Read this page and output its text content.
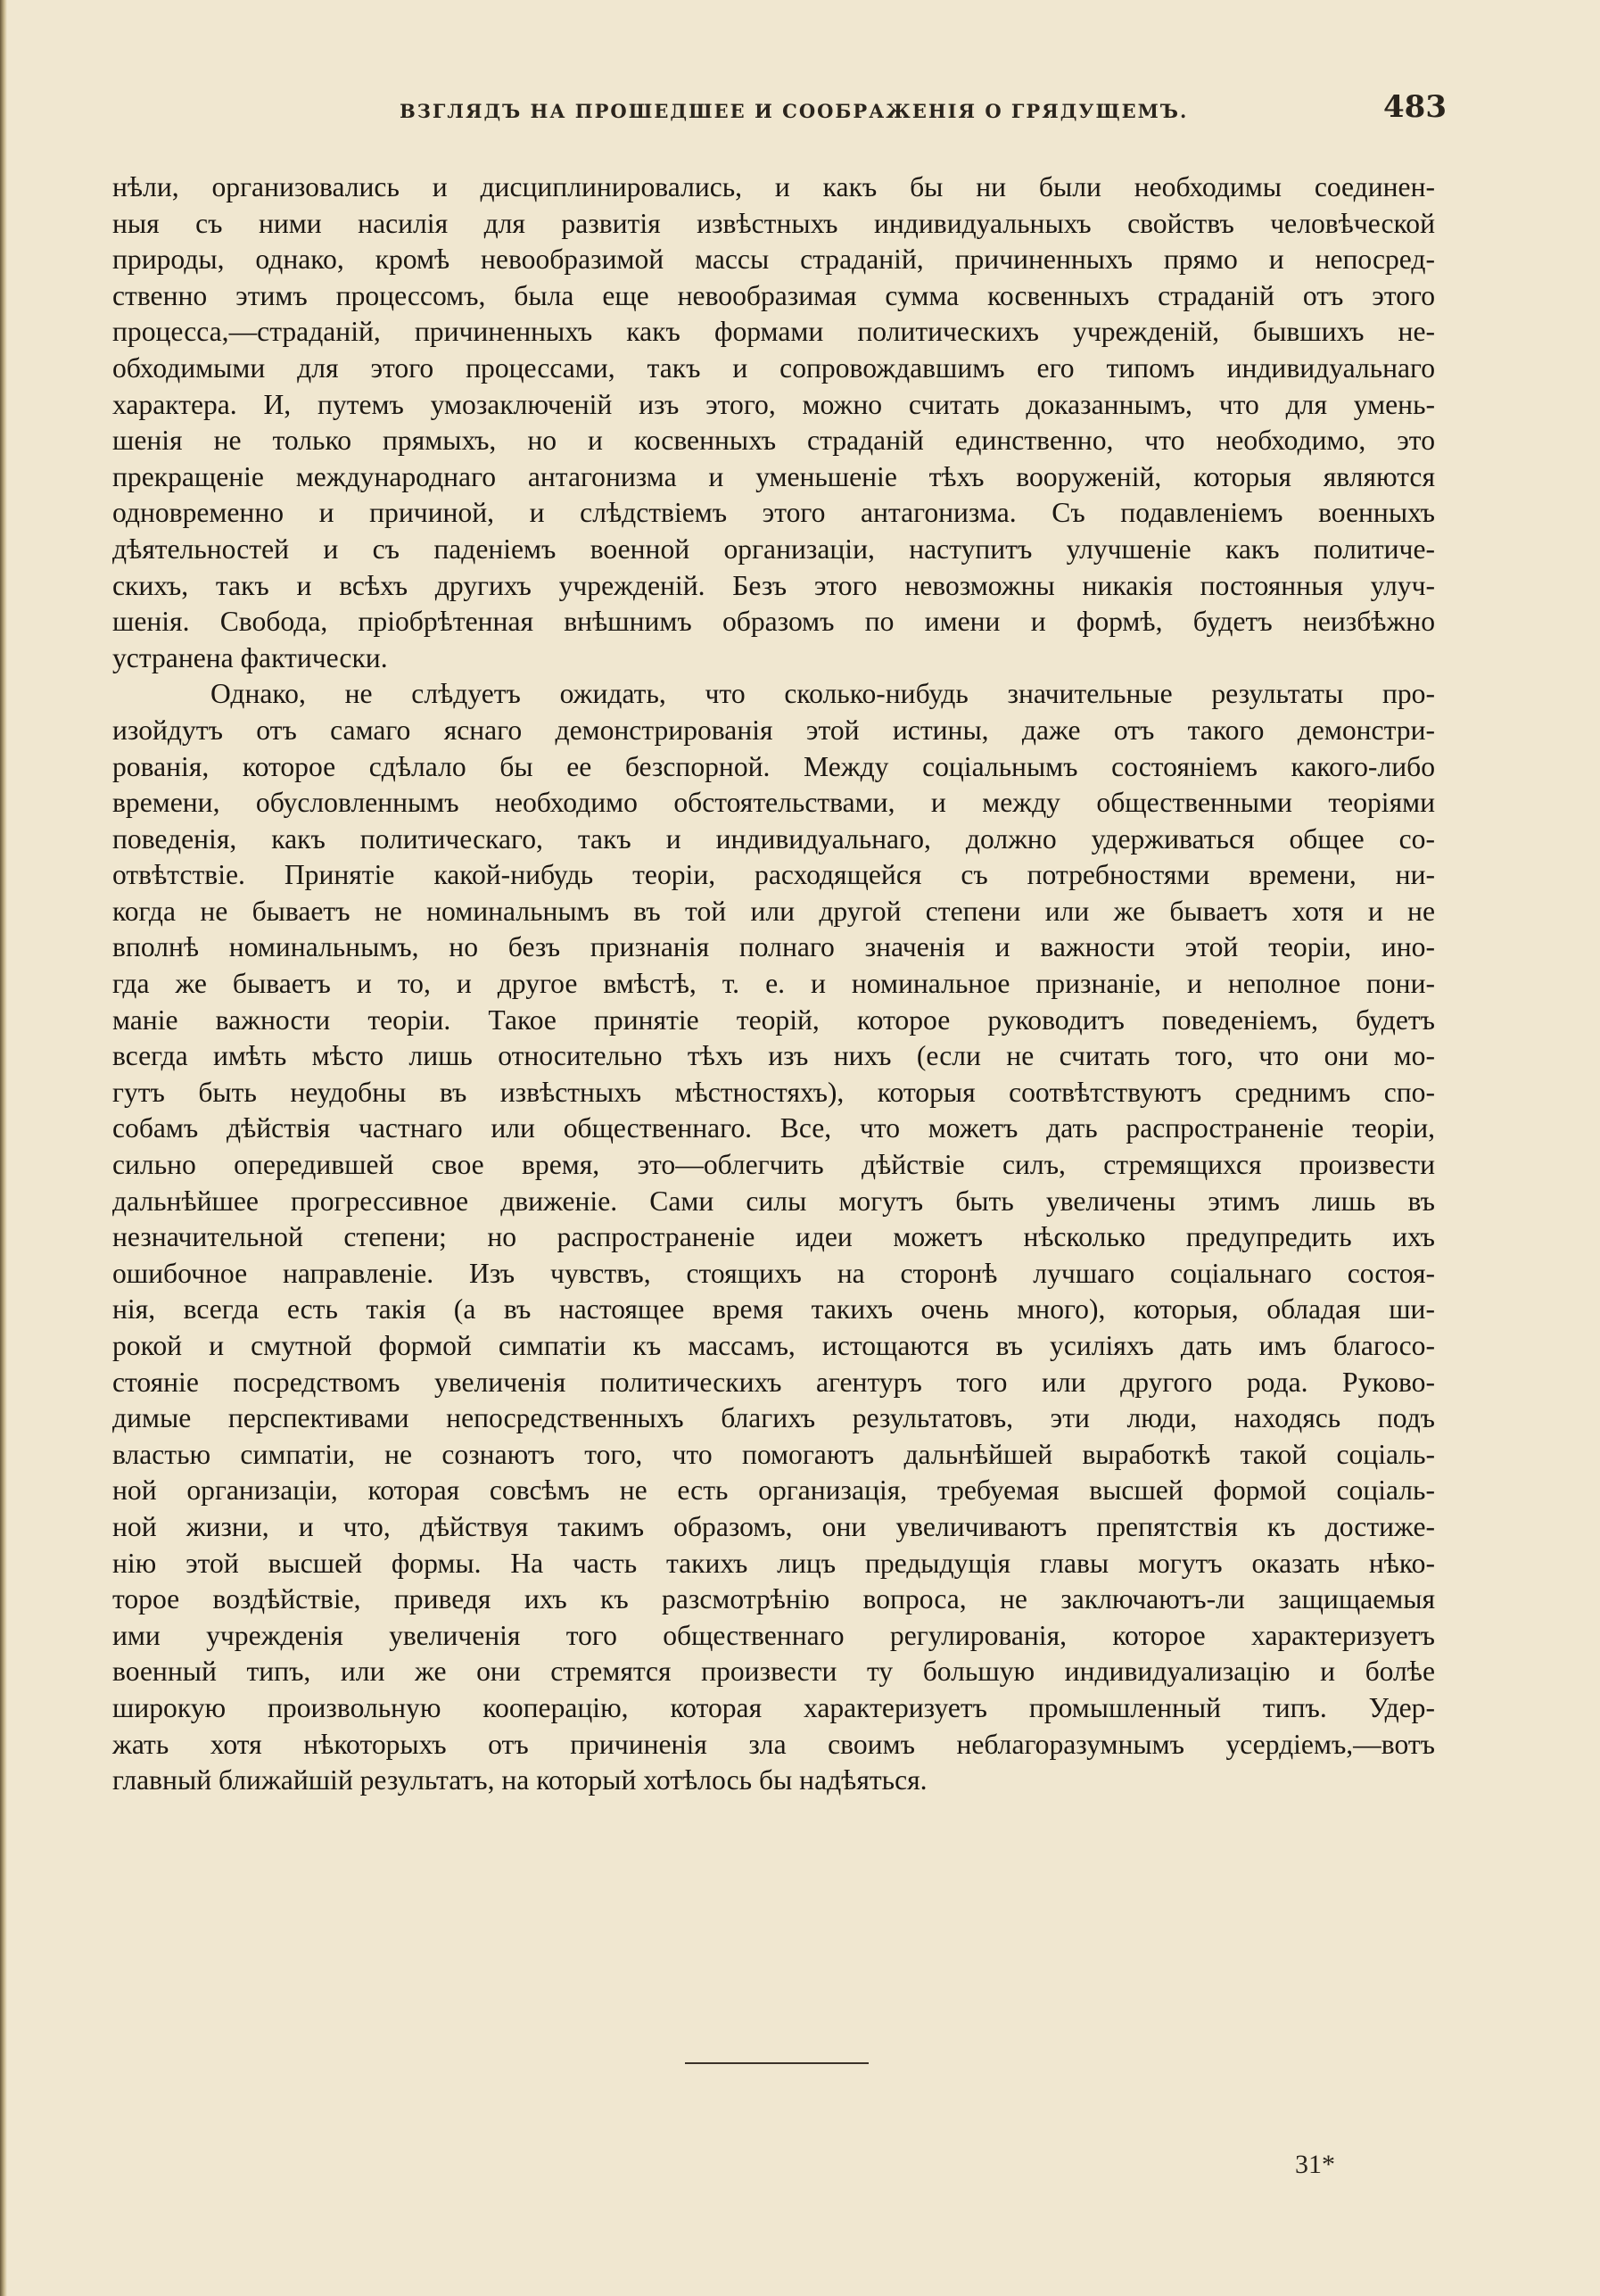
ВЗГЛЯДЪ НА ПРОШЕДШЕЕ И СООБРАЖЕНІЯ О ГРЯДУЩЕМЪ.	483
нѣли, организовались и дисциплинировались, и какъ бы ни были необходимы соединен-
ныя съ ними насилія для развитія извѣстныхъ индивидуальныхъ свойствъ человѣческой
природы, однако, кромѣ невообразимой массы страданій, причиненныхъ прямо и непосред-
ственно этимъ процессомъ, была еще невообразимая сумма косвенныхъ страданій отъ этого
процесса,—страданій, причиненныхъ какъ формами политическихъ учрежденій, бывшихъ не-
обходимыми для этого процессами, такъ и сопровождавшимъ его типомъ индивидуальнаго
характера. И, путемъ умозаключеній изъ этого, можно считать доказаннымъ, что для умень-
шенія не только прямыхъ, но и косвенныхъ страданій единственно, что необходимо, это
прекращеніе международнаго антагонизма и уменьшеніе тѣхъ вооруженій, которыя являются
одновременно и причиной, и слѣдствіемъ этого антагонизма. Съ подавленіемъ военныхъ
дѣятельностей и съ паденіемъ военной организаціи, наступитъ улучшеніе какъ политиче-
скихъ, такъ и всѣхъ другихъ учрежденій. Безъ этого невозможны никакія постоянныя улуч-
шенія. Свобода, пріобрѣтенная внѣшнимъ образомъ по имени и формѣ, будетъ неизбѣжно
устранена фактически.
Однако, не слѣдуетъ ожидать, что сколько-нибудь значительные результаты про-
изойдутъ отъ самаго яснаго демонстрированія этой истины, даже отъ такого демонстри-
рованія, которое сдѣлало бы ее безспорной. Между соціальнымъ состояніемъ какого-либо
времени, обусловленнымъ необходимо обстоятельствами, и между общественными теоріями
поведенія, какъ политическаго, такъ и индивидуальнаго, должно удерживаться общее со-
отвѣтствіе. Принятіе какой-нибудь теоріи, расходящейся съ потребностями времени, ни-
когда не бываетъ не номинальнымъ въ той или другой степени или же бываетъ хотя и не
вполнѣ номинальнымъ, но безъ признанія полнаго значенія и важности этой теоріи, ино-
гда же бываетъ и то, и другое вмѣстѣ, т. е. и номинальное признаніе, и неполное пони-
маніе важности теоріи. Такое принятіе теорій, которое руководитъ поведеніемъ, будетъ
всегда имѣть мѣсто лишь относительно тѣхъ изъ нихъ (если не считать того, что они мо-
гутъ быть неудобны въ извѣстныхъ мѣстностяхъ), которыя соотвѣтствуютъ среднимъ спо-
собамъ дѣйствія частнаго или общественнаго. Все, что можетъ дать распространеніе теоріи,
сильно опередившей свое время, это—облегчить дѣйствіе силъ, стремящихся произвести
дальнѣйшее прогрессивное движеніе. Сами силы могутъ быть увеличены этимъ лишь въ
незначительной степени; но распространеніе идеи можетъ нѣсколько предупредить ихъ
ошибочное направленіе. Изъ чувствъ, стоящихъ на сторонѣ лучшаго соціальнаго состоя-
нія, всегда есть такія (а въ настоящее время такихъ очень много), которыя, обладая ши-
рокой и смутной формой симпатіи къ массамъ, истощаются въ усиліяхъ дать имъ благосо-
стояніе посредствомъ увеличенія политическихъ агентуръ того или другого рода. Руково-
димые перспективами непосредственныхъ благихъ результатовъ, эти люди, находясь подъ
властью симпатіи, не сознаютъ того, что помогаютъ дальнѣйшей выработкѣ такой соціаль-
ной организаціи, которая совсѣмъ не есть организація, требуемая высшей формой соціаль-
ной жизни, и что, дѣйствуя такимъ образомъ, они увеличиваютъ препятствія къ достиже-
нію этой высшей формы. На часть такихъ лицъ предыдущія главы могутъ оказать нѣко-
торое воздѣйствіе, приведя ихъ къ разсмотрѣнію вопроса, не заключаютъ-ли защищаемыя
ими учрежденія увеличенія того общественнаго регулированія, которое характеризуетъ
военный типъ, или же они стремятся произвести ту большую индивидуализацію и болѣе
широкую произвольную кооперацію, которая характеризуетъ промышленный типъ. Удер-
жать хотя нѣкоторыхъ отъ причиненія зла своимъ неблагоразумнымъ усердіемъ,—вотъ
главный ближайшій результатъ, на который хотѣлось бы надѣяться.
31*
